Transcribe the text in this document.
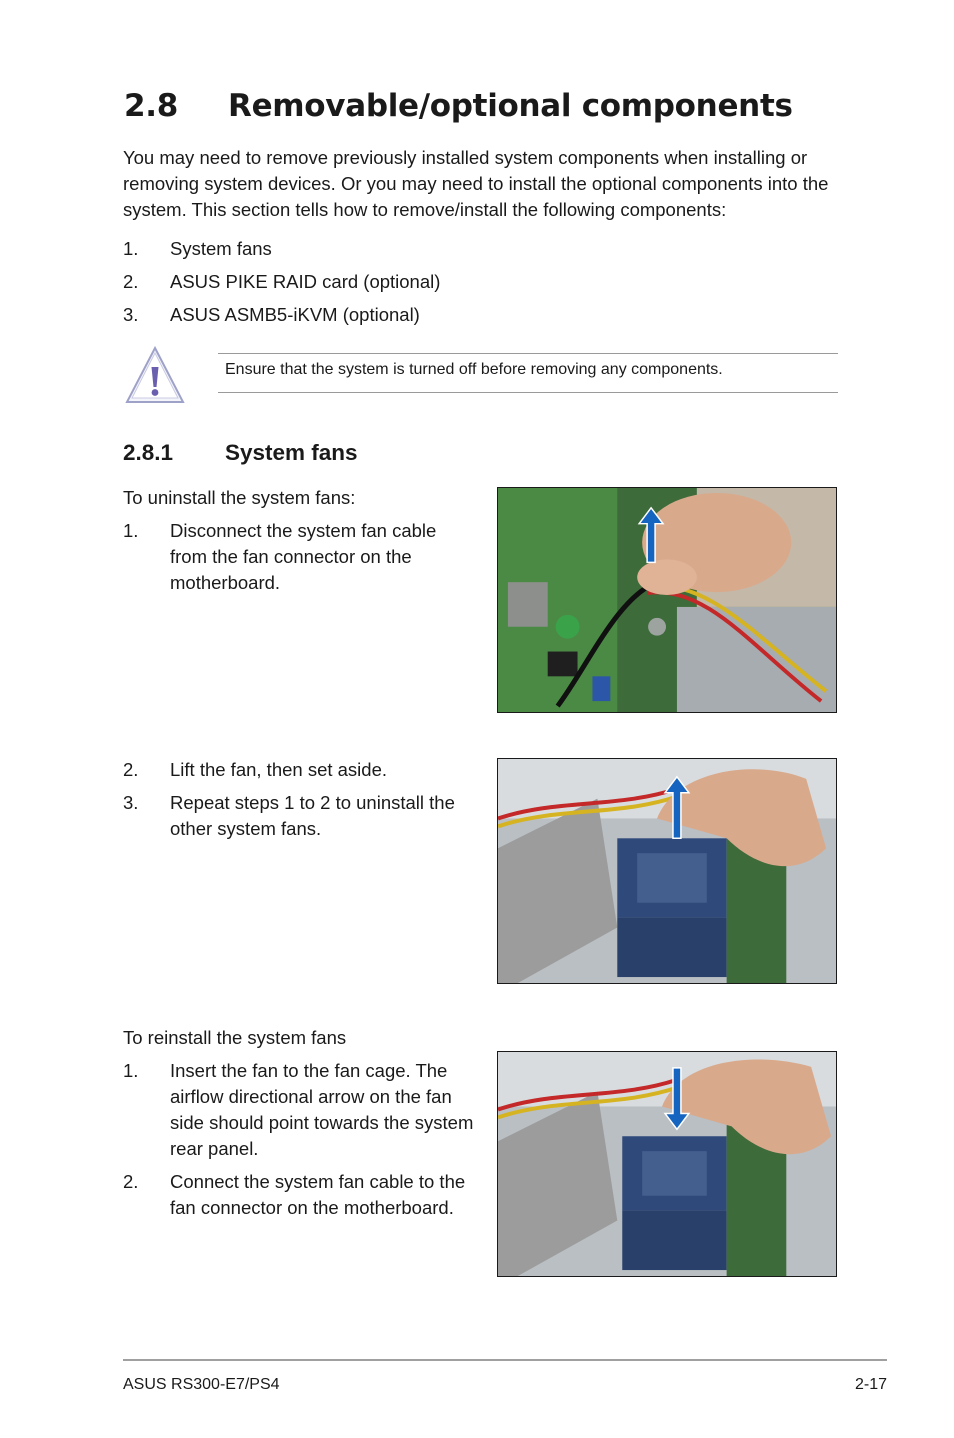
2.8 Removable/optional components
You may need to remove previously installed system components when installing or removing system devices. Or you may need to install the optional components into the system. This section tells how to remove/install the following components:
1. System fans
2. ASUS PIKE RAID card (optional)
3. ASUS ASMB5-iKVM (optional)
Ensure that the system is turned off before removing any components.
2.8.1 System fans
To uninstall the system fans:
1. Disconnect the system fan cable from the fan connector on the motherboard.
2. Lift the fan, then set aside.
3. Repeat steps 1 to 2 to uninstall the other system fans.
To reinstall the system fans
1. Insert the fan to the fan cage. The airflow directional arrow on the fan side should point towards the system rear panel.
2. Connect the system fan cable to the fan connector on the motherboard.
ASUS RS300-E7/PS4	2-17
